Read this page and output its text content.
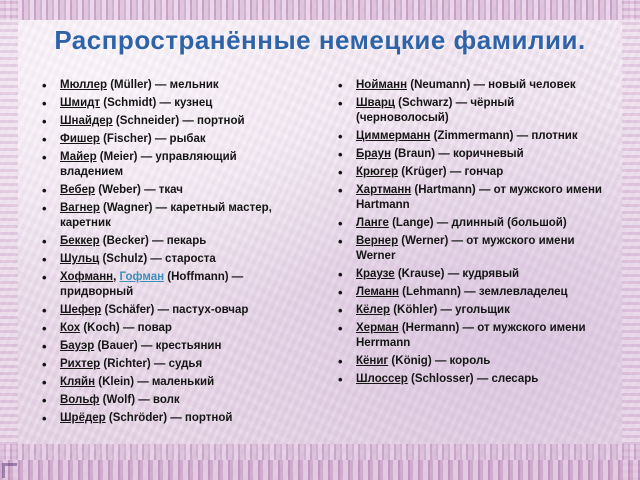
Распространённые немецкие фамилии.
• Мюллер (Müller) — мельник
• Шмидт (Schmidt) — кузнец
• Шнайдер (Schneider) — портной
• Фишер (Fischer) — рыбак
• Майер (Meier) — управляющий владением
• Вебер (Weber) — ткач
• Вагнер (Wagner) — каретный мастер, каретник
• Беккер (Becker) — пекарь
• Шульц (Schulz) — староста
• Хофманн, Гофман (Hoffmann) — придворный
• Шефер (Schäfer) — пастух-овчар
• Кох (Koch) — повар
• Бауэр (Bauer) — крестьянин
• Рихтер (Richter) — судья
• Кляйн (Klein) — маленький
• Вольф (Wolf) — волк
• Шрёдер (Schröder) — портной
• Нойманн (Neumann) — новый человек
• Шварц (Schwarz) — чёрный (черноволосый)
• Циммерманн (Zimmermann) — плотник
• Браун (Braun) — коричневый
• Крюгер (Krüger) — гончар
• Хартманн (Hartmann) — от мужского имени Hartmann
• Ланге (Lange) — длинный (большой)
• Вернер (Werner) — от мужского имени Werner
• Краузе (Krause) — кудрявый
• Леманн (Lehmann) — землевладелец
• Кёлер (Köhler) — угольщик
• Херман (Hermann) — от мужского имени Herrmann
• Кёниг (König) — король
• Шлоссер (Schlosser) — слесарь
